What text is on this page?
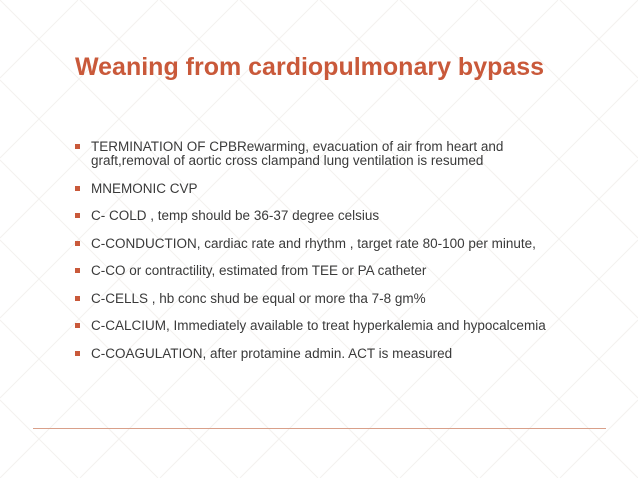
Weaning from cardiopulmonary bypass
TERMINATION OF CPBRewarming, evacuation of air from heart and graft,removal of aortic cross clampand lung ventilation is resumed
MNEMONIC CVP
C- COLD , temp should be 36-37 degree celsius
C-CONDUCTION, cardiac rate and rhythm , target rate 80-100 per minute,
C-CO or contractility, estimated from TEE or PA catheter
C-CELLS , hb conc shud be equal or more tha 7-8 gm%
C-CALCIUM, Immediately available to treat hyperkalemia and hypocalcemia
C-COAGULATION, after protamine admin. ACT is measured
